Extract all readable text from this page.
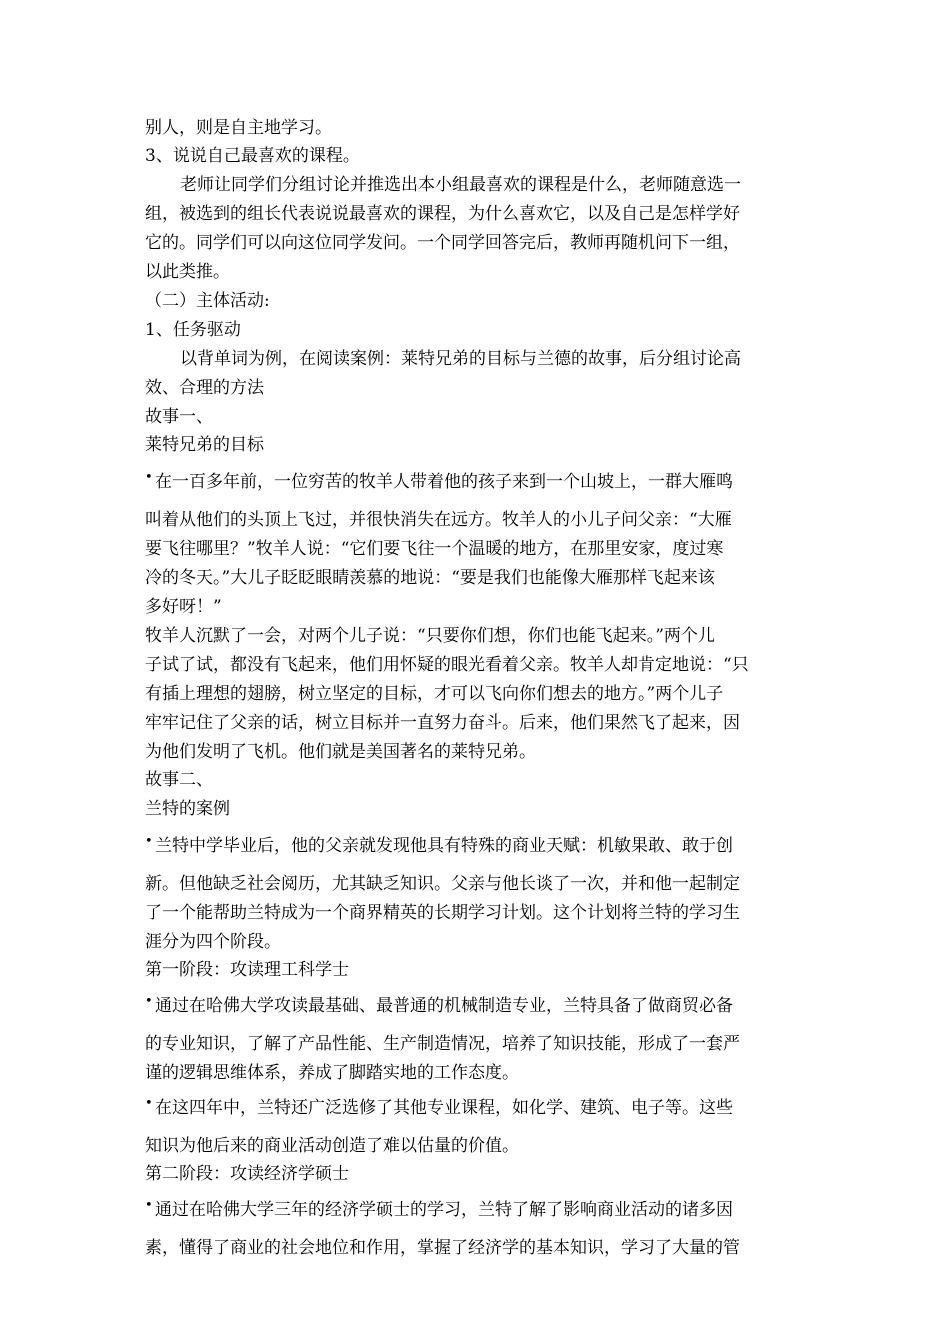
别人，则是自主地学习。
3、说说自己最喜欢的课程。
老师让同学们分组讨论并推选出本小组最喜欢的课程是什么，老师随意选一
组，被选到的组长代表说说最喜欢的课程，为什么喜欢它，以及自己是怎样学好
它的。同学们可以向这位同学发问。一个同学回答完后，教师再随机问下一组，
以此类推。
（二）主体活动:
1、任务驱动
以背单词为例，在阅读案例：莱特兄弟的目标与兰德的故事，后分组讨论高
效、合理的方法
故事一、
莱特兄弟的目标
• 在一百多年前，一位穷苦的牧羊人带着他的孩子来到一个山坡上，一群大雁鸣
叫着从他们的头顶上飞过，并很快消失在远方。牧羊人的小儿子问父亲：“大雁
要飞往哪里？”牧羊人说：“它们要飞往一个温暖的地方，在那里安家，度过寒
冷的冬天。”大儿子眨眨眼睛羡慕的地说：“要是我们也能像大雁那样飞起来该
多好呀！”
牧羊人沉默了一会，对两个儿子说：“只要你们想，你们也能飞起来。”两个儿
子试了试，都没有飞起来，他们用怀疑的眼光看着父亲。牧羊人却肯定地说：“只
有插上理想的翅膀，树立坚定的目标，才可以飞向你们想去的地方。”两个儿子
牢牢记住了父亲的话，树立目标并一直努力奋斗。后来，他们果然飞了起来，因
为他们发明了飞机。他们就是美国著名的莱特兄弟。
故事二、
兰特的案例
• 兰特中学毕业后，他的父亲就发现他具有特殊的商业天赋：机敏果敢、敢于创
新。但他缺乏社会阅历，尤其缺乏知识。父亲与他长谈了一次，并和他一起制定
了一个能帮助兰特成为一个商界精英的长期学习计划。这个计划将兰特的学习生
涯分为四个阶段。
第一阶段：攻读理工科学士
• 通过在哈佛大学攻读最基础、最普通的机械制造专业，兰特具备了做商贸必备
的专业知识，了解了产品性能、生产制造情况，培养了知识技能，形成了一套严
谨的逻辑思维体系，养成了脚踏实地的工作态度。
• 在这四年中，兰特还广泛选修了其他专业课程，如化学、建筑、电子等。这些
知识为他后来的商业活动创造了难以估量的价值。
第二阶段：攻读经济学硕士
• 通过在哈佛大学三年的经济学硕士的学习，兰特了解了影响商业活动的诸多因
素，懂得了商业的社会地位和作用，掌握了经济学的基本知识，学习了大量的管
